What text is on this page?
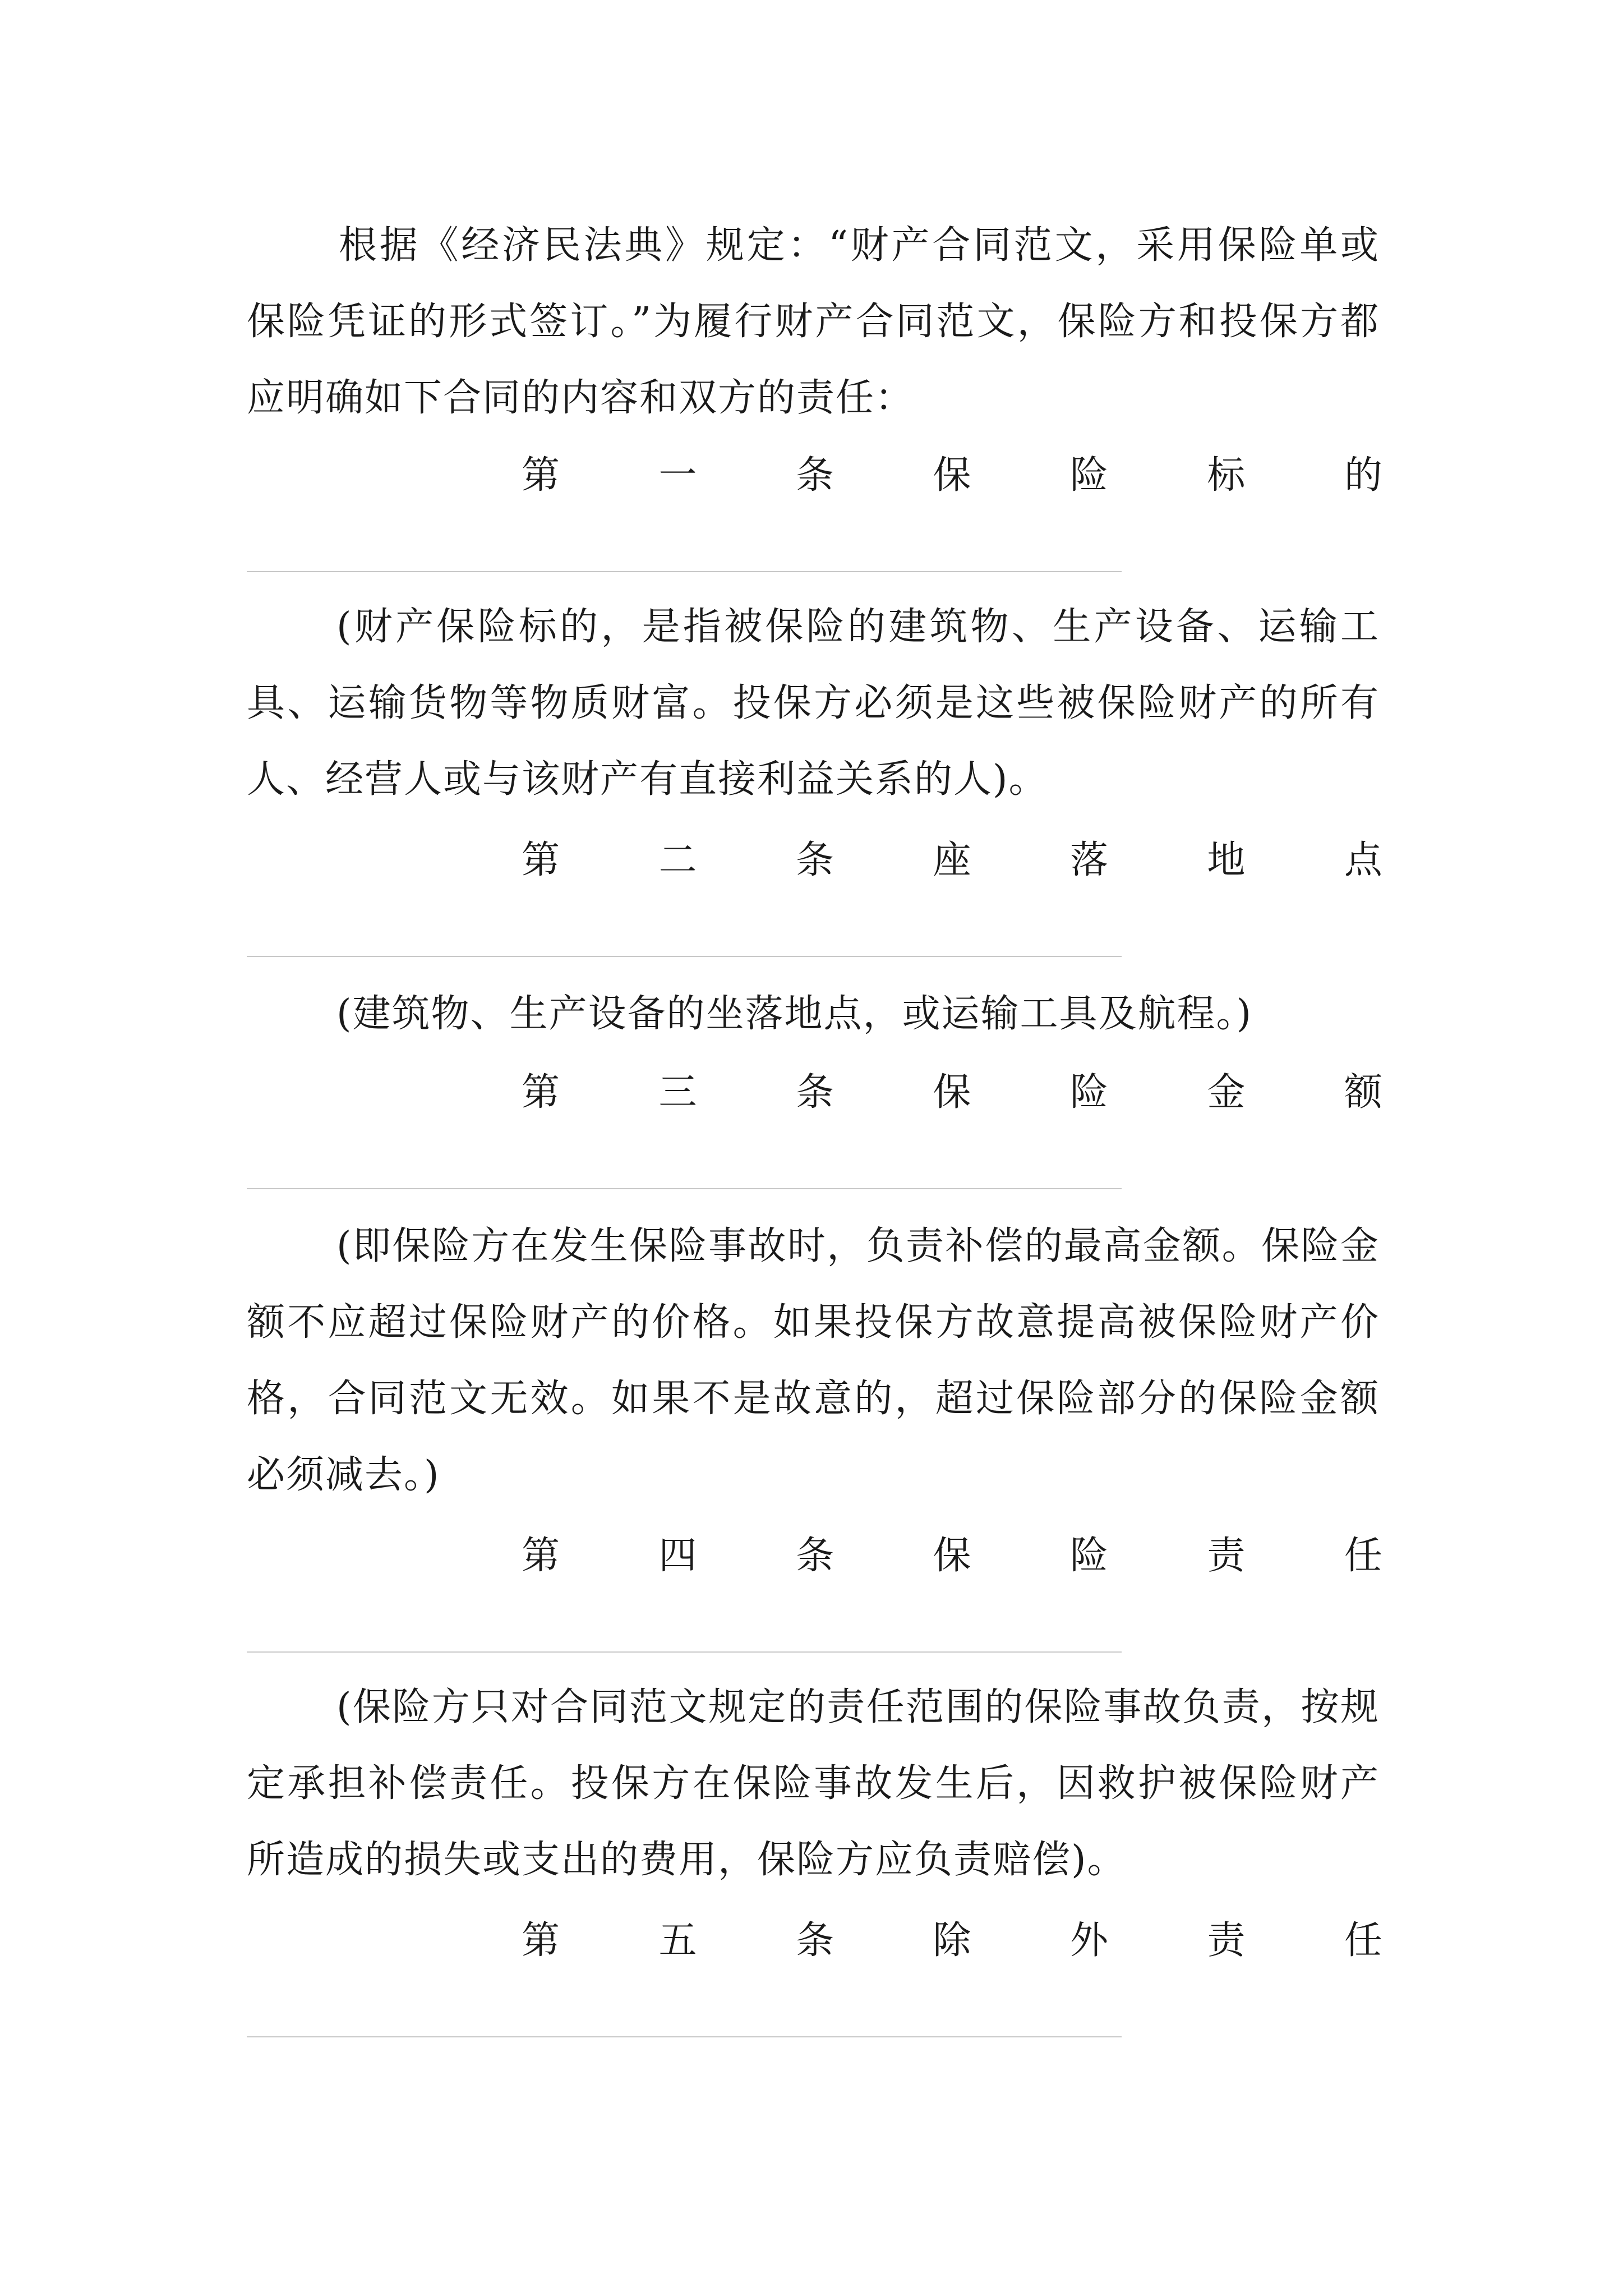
根据《经济民法典》规定：“财产合同范文，采用保险单或保险凭证的形式签订。”为履行财产合同范文，保险方和投保方都应明确如下合同的内容和双方的责任：

第	一	条	保	险	标	的

(财产保险标的，是指被保险的建筑物、生产设备、运输工具、运输货物等物质财富。投保方必须是这些被保险财产的所有人、经营人或与该财产有直接利益关系的人)。

第	二	条	座	落	地	点

(建筑物、生产设备的坐落地点，或运输工具及航程。)

第	三	条	保	险	金	额

(即保险方在发生保险事故时，负责补偿的最高金额。保险金额不应超过保险财产的价格。如果投保方故意提高被保险财产价格，合同范文无效。如果不是故意的，超过保险部分的保险金额必须减去。)

第	四	条	保	险	责	任

(保险方只对合同范文规定的责任范围的保险事故负责，按规定承担补偿责任。投保方在保险事故发生后，因救护被保险财产所造成的损失或支出的费用，保险方应负责赔偿)。

第	五	条	除	外	责	任
